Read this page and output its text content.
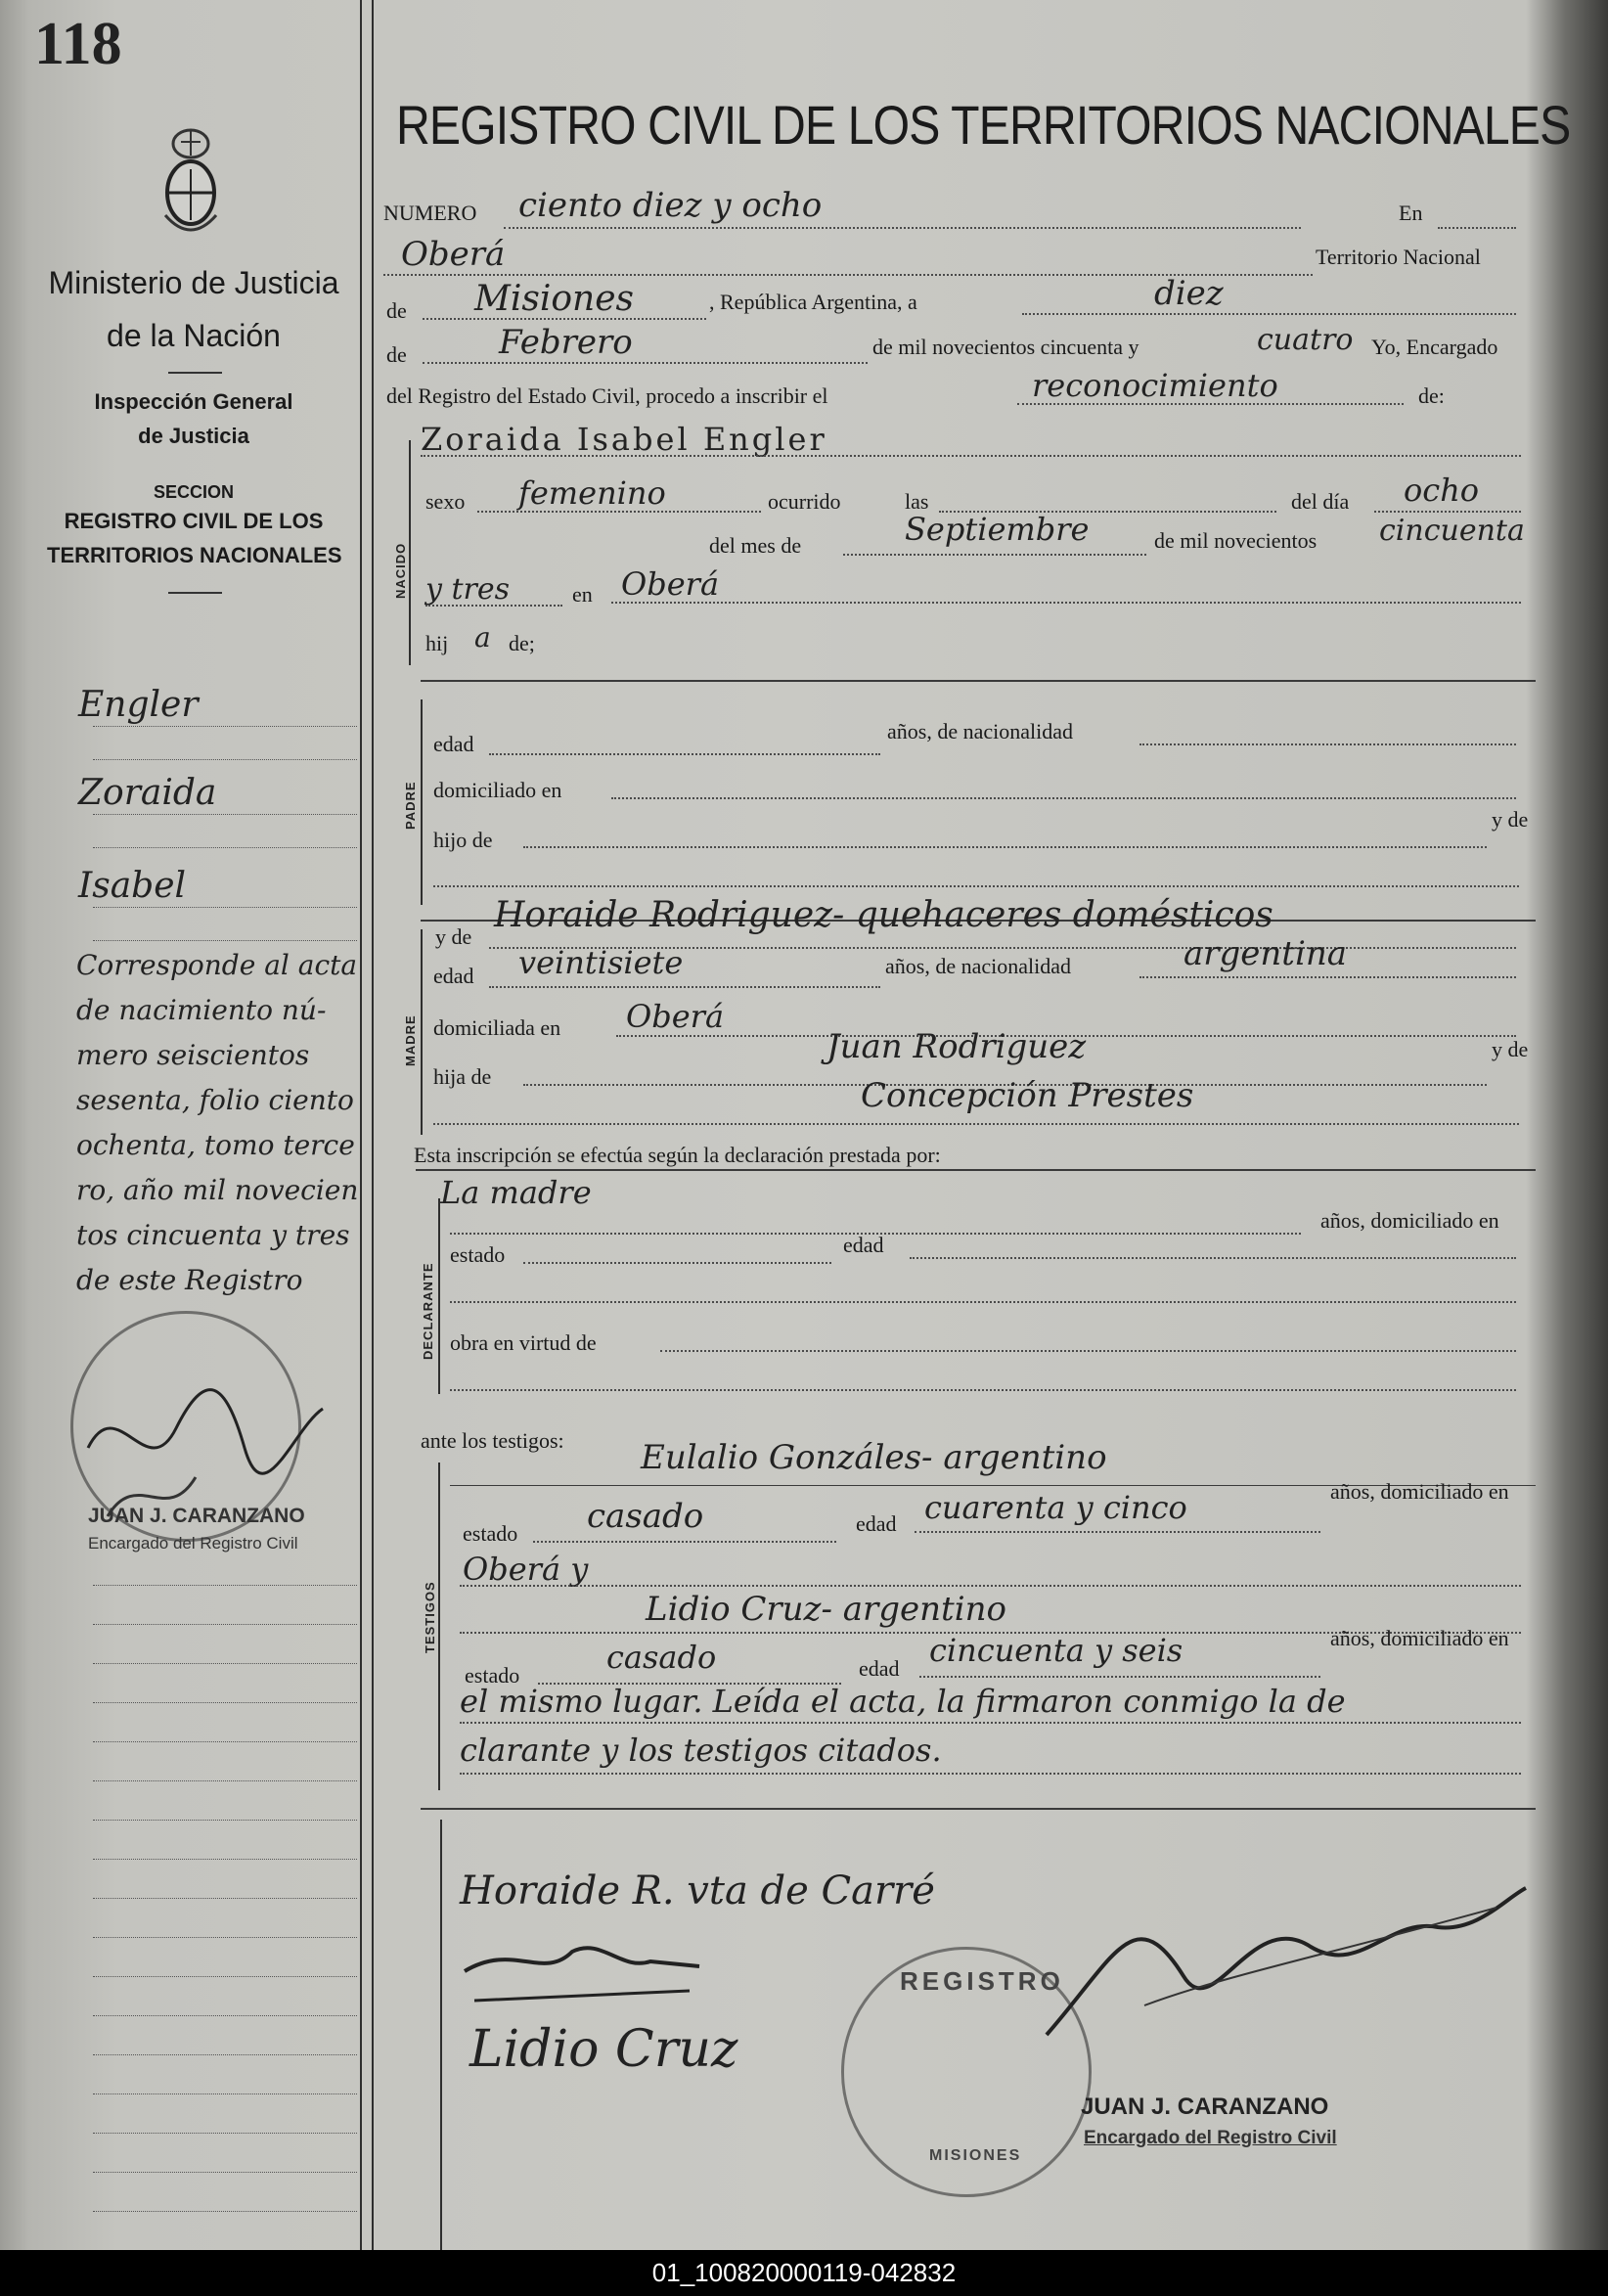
118
Ministerio de Justicia
de la Nación
Inspección General
de Justicia
SECCION
REGISTRO CIVIL DE LOS
TERRITORIOS NACIONALES
Engler
Zoraida
Isabel
Corresponde al acta
de nacimiento nú-
mero seiscientos
sesenta, folio ciento
ochenta, tomo terce
ro, año mil novecien
tos cincuenta y tres
de este Registro
JUAN J. CARANZANO
Encargado del Registro Civil
REGISTRO CIVIL DE LOS TERRITORIOS NACIONALES
NUMERO ciento diez y ocho	En
Oberá	Territorio Nacional
de Misiones	, República Argentina, a	diez
de	Febrero	de mil novecientos cincuenta y	cuatro Yo, Encargado
del Registro del Estado Civil, procedo a inscribir el	reconocimiento	de:
Zoraida Isabel Engler
NACIDO
sexo femenino	ocurrido	las	del día ocho
del mes de	Septiembre	de mil novecientos cincuenta
y tres	en Oberá
hij a de;
PADRE
edad
años, de nacionalidad
domiciliado en
hijo de
y de
MADRE
y de
Horaide Rodriguez- quehaceres domésticos
edad veintisiete	años, de nacionalidad	argentina
domiciliada en Oberá
hija de
Juan Rodriguez	y de
Concepción Prestes
Esta inscripción se efectúa según la declaración prestada por:
La madre
DECLARANTE
años, domiciliado en
estado	edad
obra en virtud de
ante los testigos:
TESTIGOS
Eulalio Gonzáles- argentino
estado casado	edad cuarenta y cinco	años, domiciliado en
Oberá y
Lidio Cruz- argentino
estado	casado	edad cincuenta y seis	años, domiciliado en
el mismo lugar. Leída el acta, la firmaron conmigo la de
clarante y los testigos citados.
Horaide R. vta de Carré
Lidio Cruz
REGISTRO
MISIONES
JUAN J. CARANZANO
Encargado del Registro Civil
01_100820000119-042832
